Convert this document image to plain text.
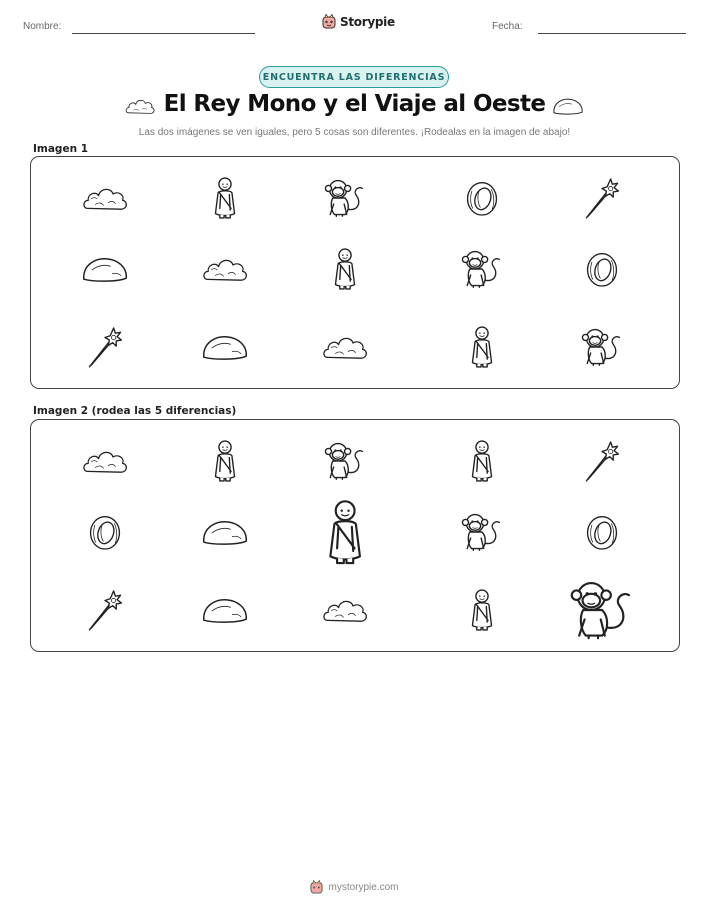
Nombre:	Storypie	Fecha:
ENCUENTRA LAS DIFERENCIAS
El Rey Mono y el Viaje al Oeste
Las dos imágenes se ven iguales, pero 5 cosas son diferentes. ¡Rodealas en la imagen de abajo!
Imagen 1
Imagen 2 (rodea las 5 diferencias)
mystorypie.com
